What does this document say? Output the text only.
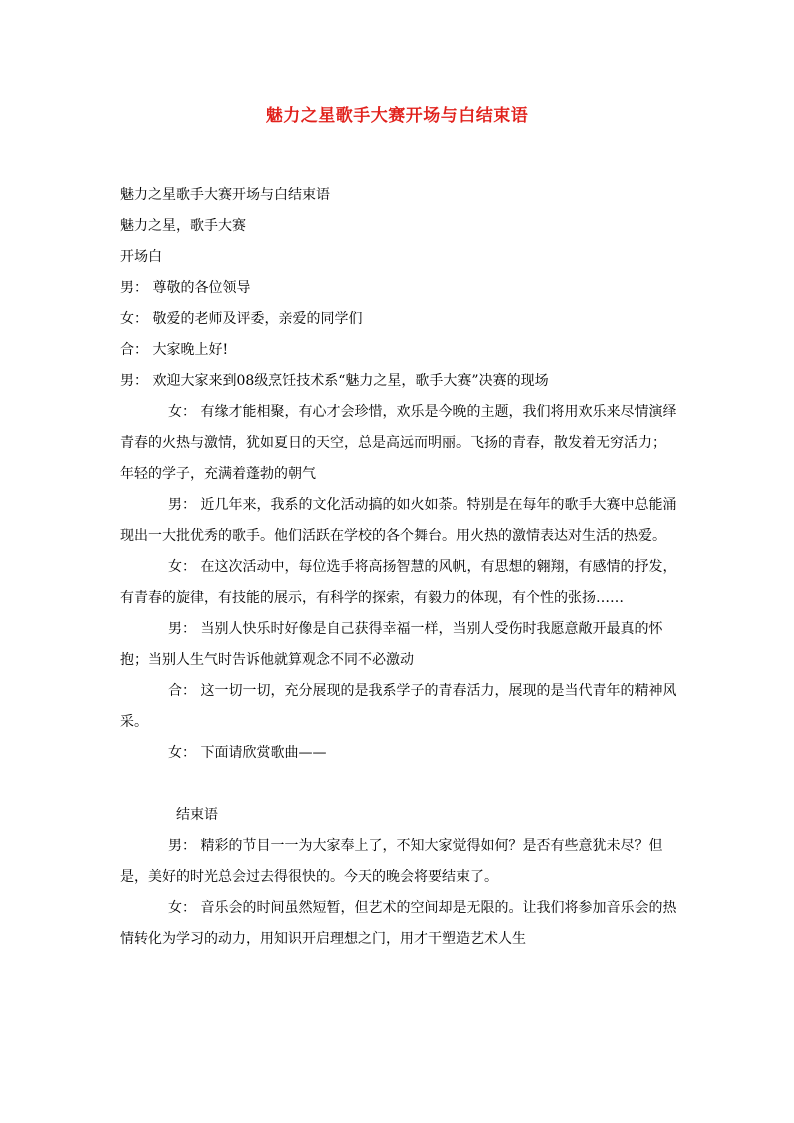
魅力之星歌手大赛开场与白结束语

魅力之星歌手大赛开场与白结束语

魅力之星，歌手大赛

开场白

男： 尊敬的各位领导

女： 敬爱的老师及评委，亲爱的同学们

合： 大家晚上好!

男： 欢迎大家来到08级烹饪技术系“魅力之星，歌手大赛”决赛的现场

女： 有缘才能相聚，有心才会珍惜，欢乐是今晚的主题，我们将用欢乐来尽情演绎青春的火热与激情，犹如夏日的天空，总是高远而明丽。飞扬的青春，散发着无穷活力；年轻的学子，充满着蓬勃的朝气

男： 近几年来，我系的文化活动搞的如火如荼。特别是在每年的歌手大赛中总能涌现出一大批优秀的歌手。他们活跃在学校的各个舞台。用火热的激情表达对生活的热爱。

女： 在这次活动中，每位选手将高扬智慧的风帆，有思想的翱翔，有感情的抒发，有青春的旋律，有技能的展示，有科学的探索，有毅力的体现，有个性的张扬……

男： 当别人快乐时好像是自己获得幸福一样，当别人受伤时我愿意敞开最真的怀抱；当别人生气时告诉他就算观念不同不必激动

合： 这一切一切，充分展现的是我系学子的青春活力，展现的是当代青年的精神风采。

女： 下面请欣赏歌曲——

结束语

男： 精彩的节目一一为大家奉上了，不知大家觉得如何？是否有些意犹未尽？但是，美好的时光总会过去得很快的。今天的晚会将要结束了。

女： 音乐会的时间虽然短暂，但艺术的空间却是无限的。让我们将参加音乐会的热情转化为学习的动力，用知识开启理想之门，用才干塑造艺术人生
